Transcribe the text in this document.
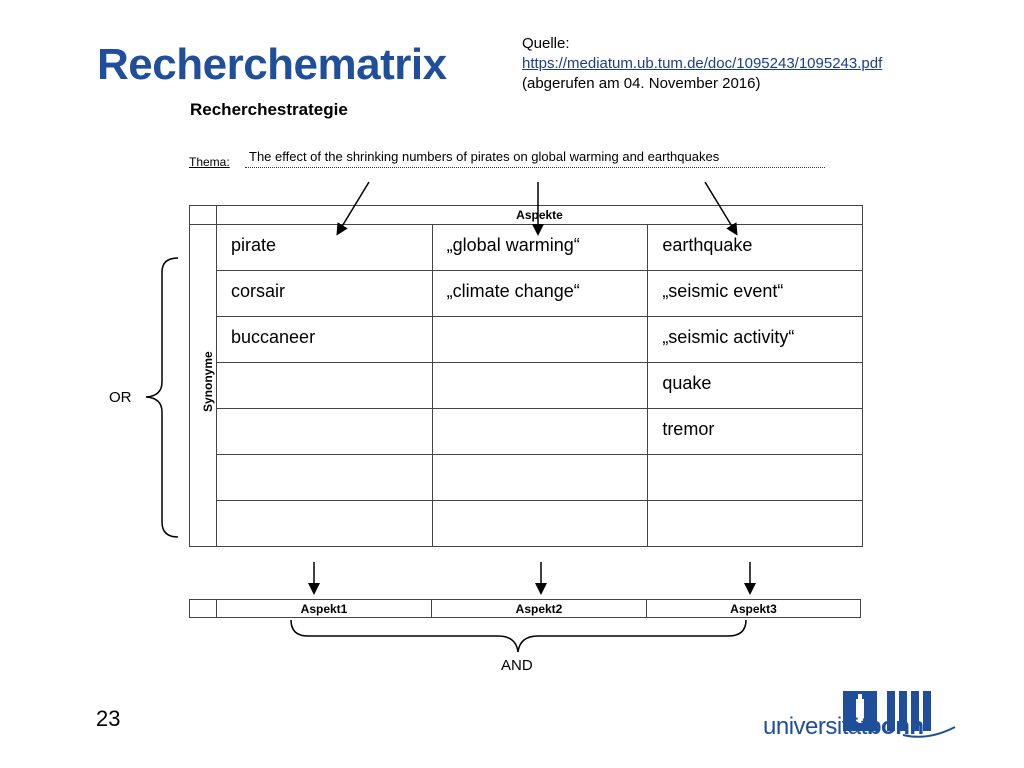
Recherchematrix	Quelle:
https://mediatum.ub.tum.de/doc/1095243/1095243.pdf
(abgerufen am 04. November 2016)
Recherchestrategie
Thema: The effect of the shrinking numbers of pirates on global warming and earthquakes
	Aspekte		

Synonyme	pirate	„global warming“	earthquake
	corsair	„climate change“	„seismic event“
	buccaneer		„seismic activity“
			quake
			tremor

	Aspekt1	Aspekt2	Aspekt3
OR
AND
23	universitätbonn
